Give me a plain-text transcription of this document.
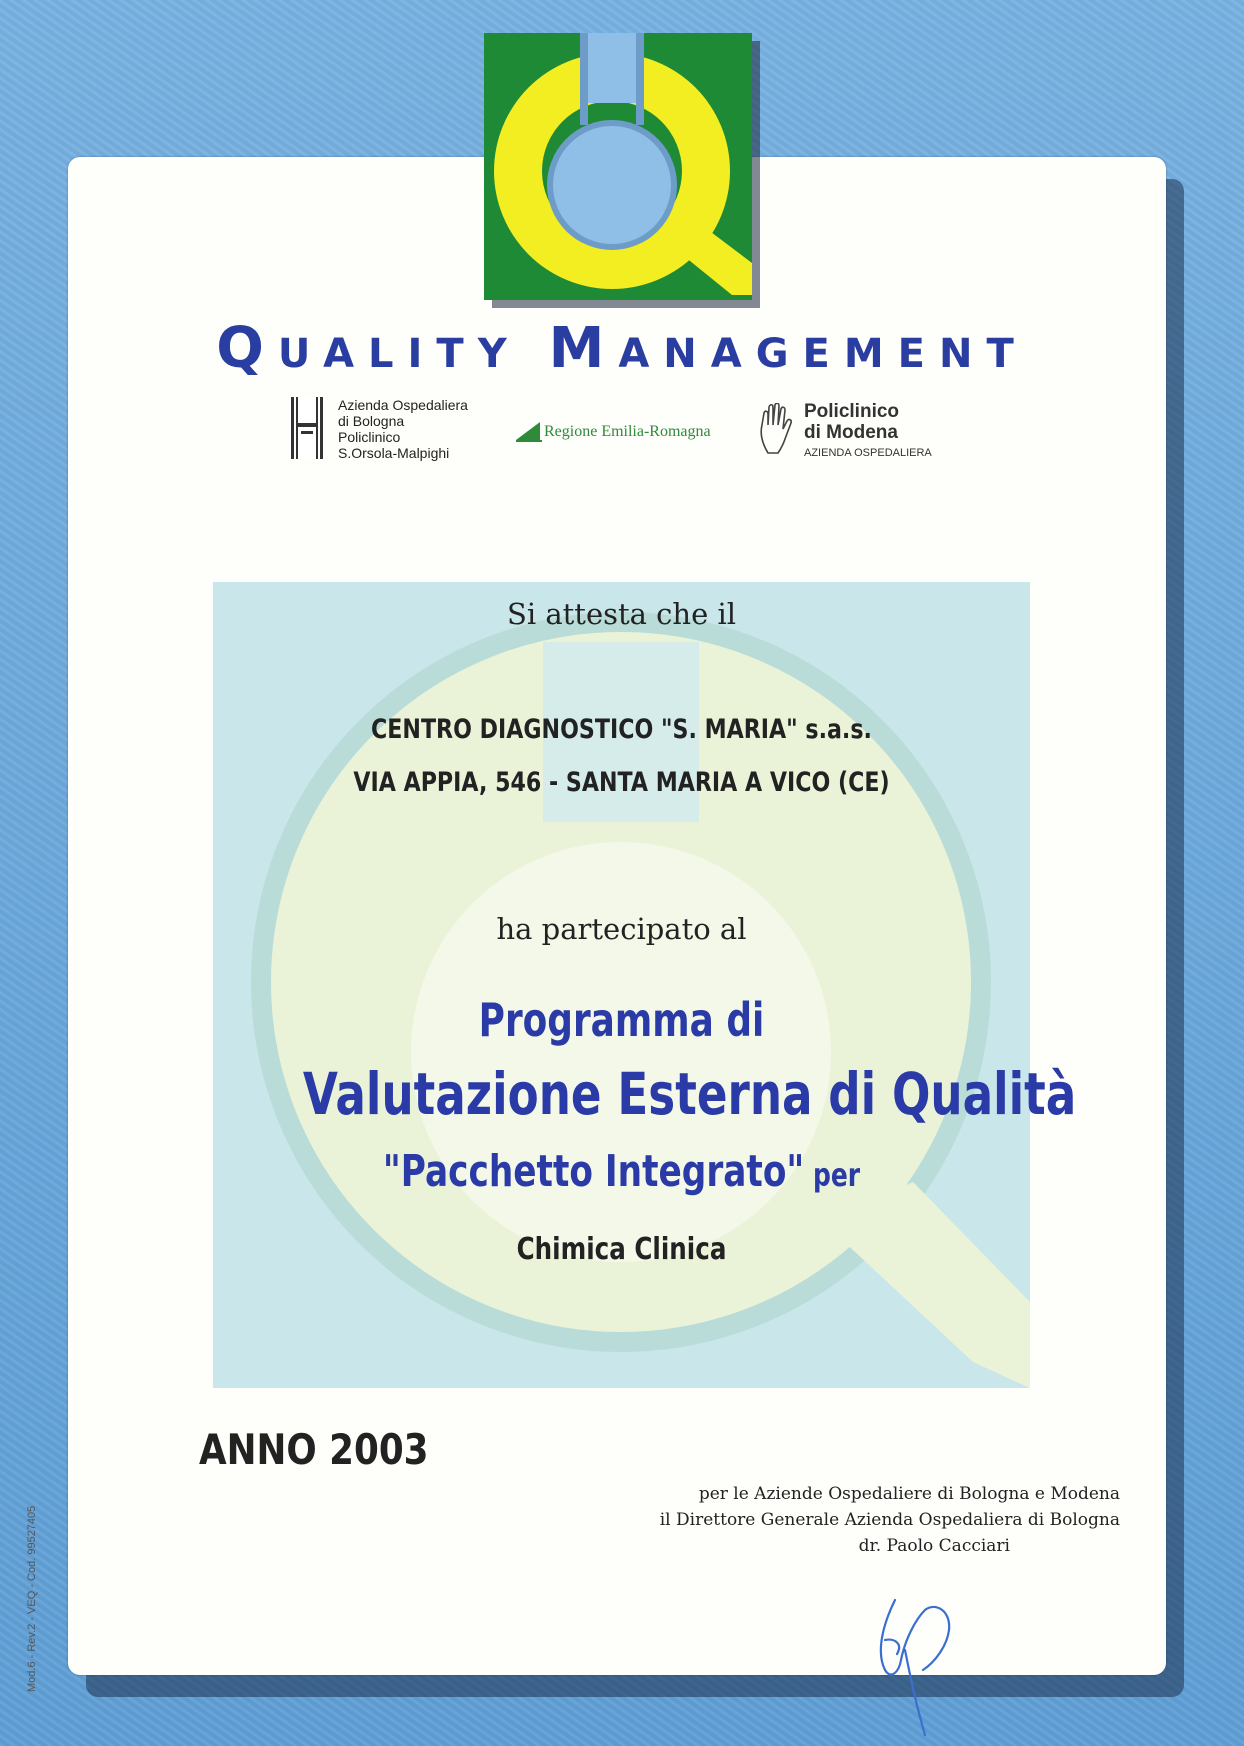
QUALITY MANAGEMENT
Azienda Ospedaliera
di Bologna
Policlinico
S.Orsola-Malpighi
Regione Emilia-Romagna
Policlinico
di Modena
AZIENDA OSPEDALIERA
Si attesta che il
CENTRO DIAGNOSTICO "S. MARIA" s.a.s.
VIA APPIA, 546 - SANTA MARIA A VICO (CE)
ha partecipato al
Programma di
Valutazione Esterna di Qualità
"Pacchetto Integrato" per
Chimica Clinica
ANNO 2003
per le Aziende Ospedaliere di Bologna e Modena
il Direttore Generale Azienda Ospedaliera di Bologna
dr. Paolo Cacciari
Mod.6 - Rev.2 - VEQ - Cod. 99527405
